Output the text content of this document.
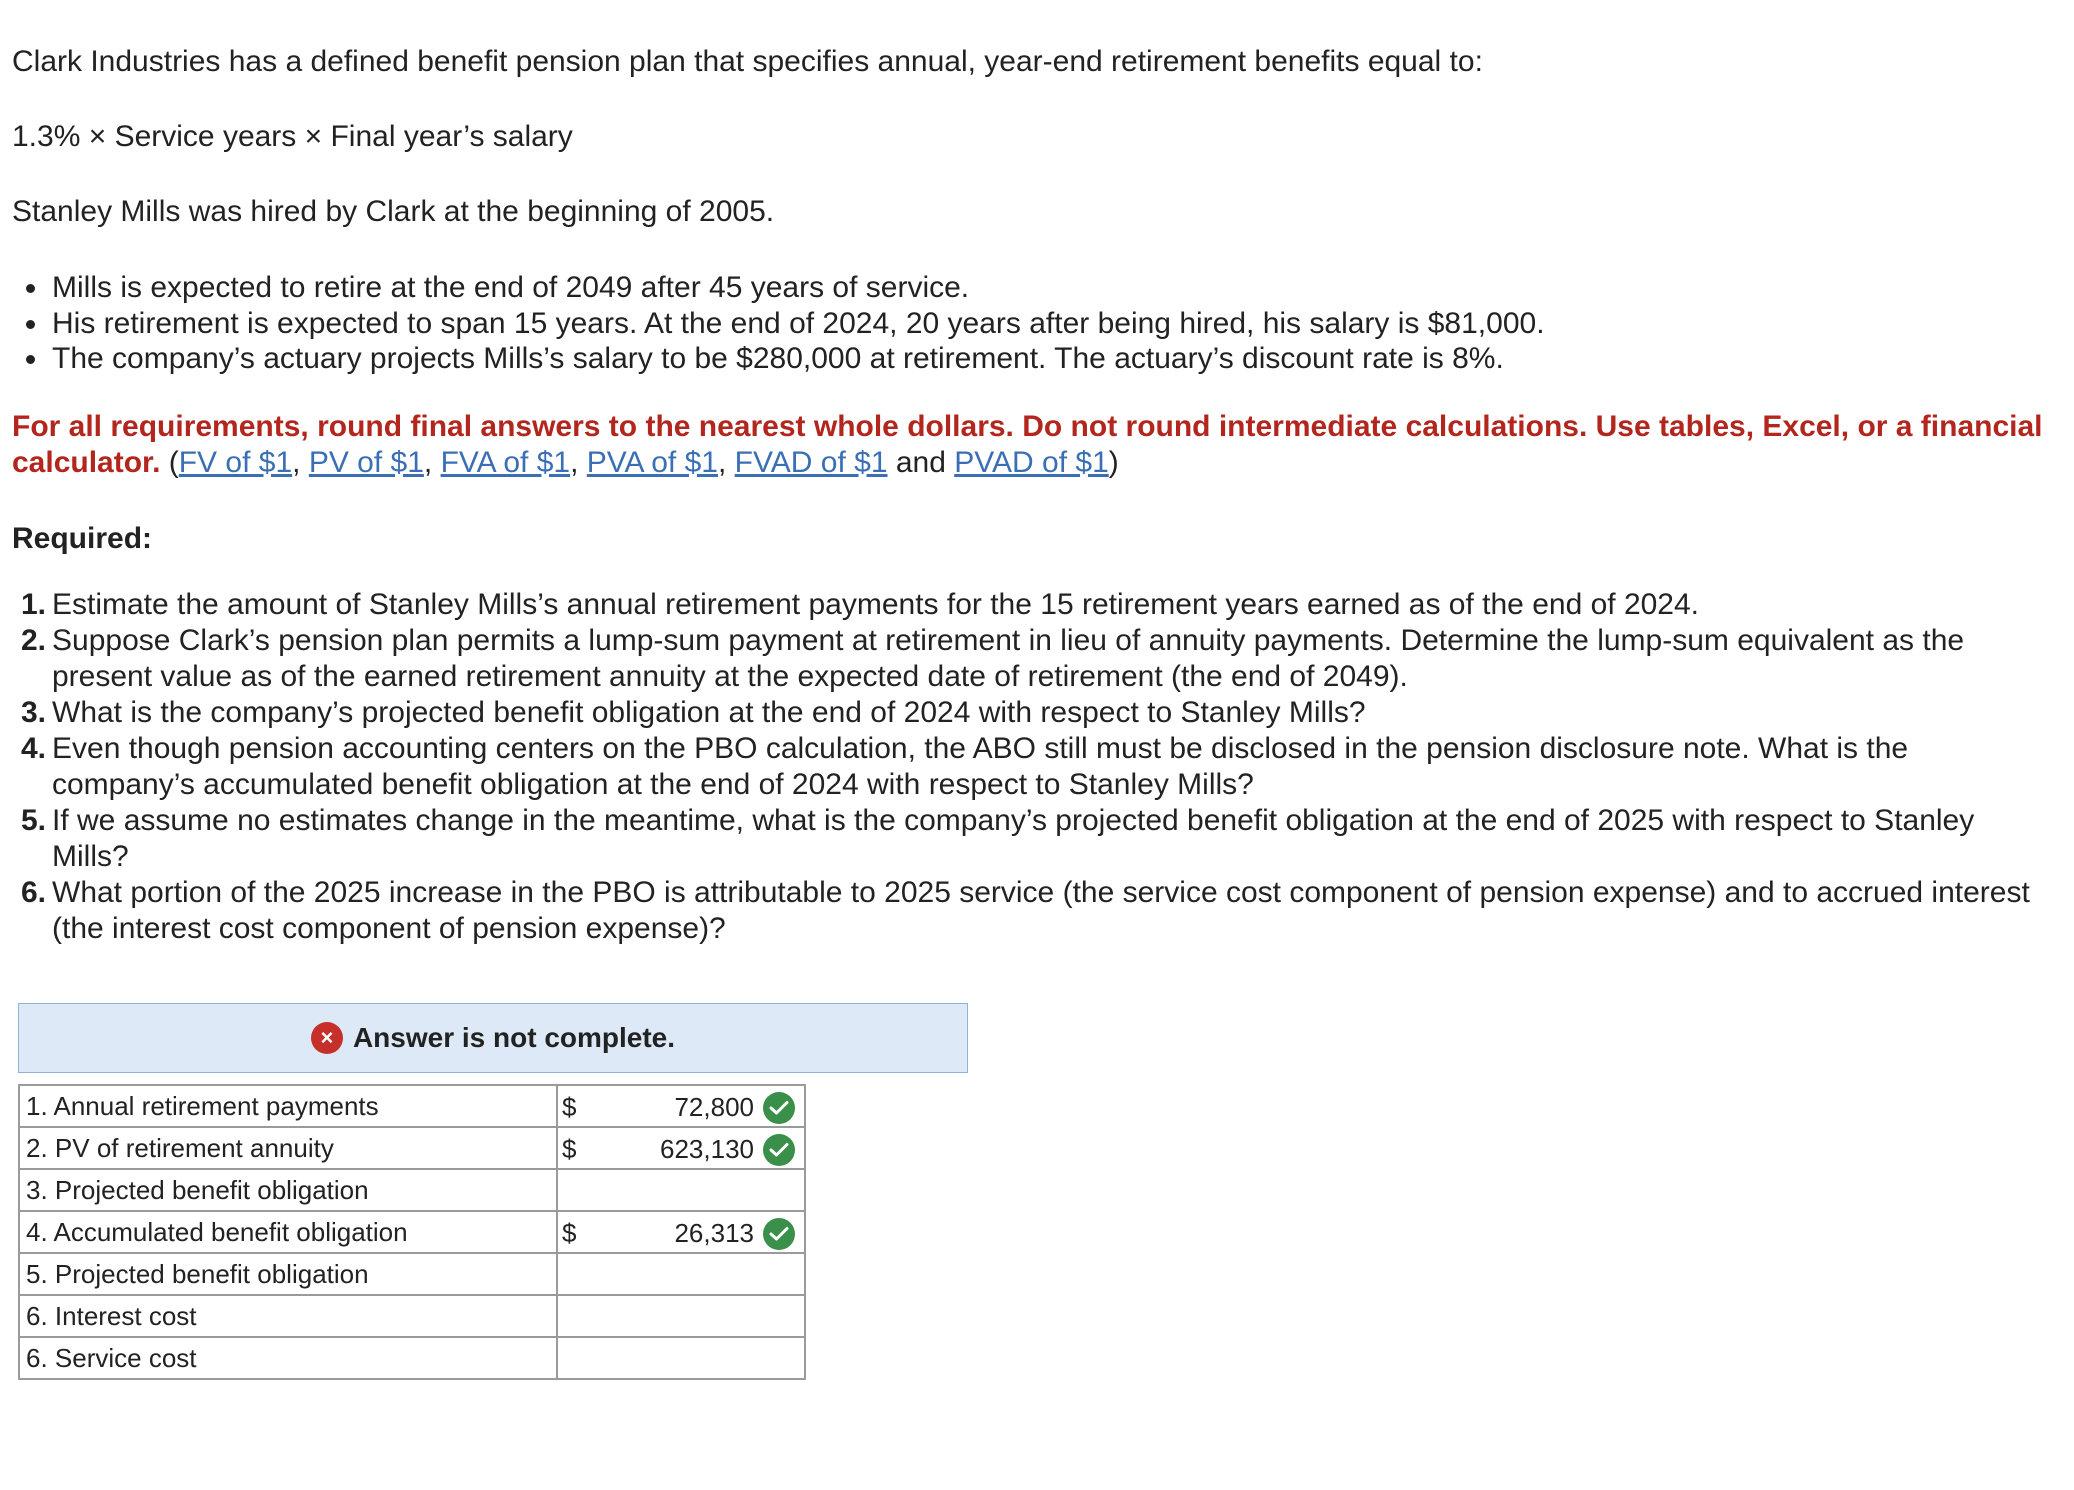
Clark Industries has a defined benefit pension plan that specifies annual, year-end retirement benefits equal to:

1.3% × Service years × Final year’s salary

Stanley Mills was hired by Clark at the beginning of 2005.

Mills is expected to retire at the end of 2049 after 45 years of service.
His retirement is expected to span 15 years. At the end of 2024, 20 years after being hired, his salary is $81,000.
The company’s actuary projects Mills’s salary to be $280,000 at retirement. The actuary’s discount rate is 8%.
For all requirements, round final answers to the nearest whole dollars. Do not round intermediate calculations. Use tables, Excel, or a financial calculator. (FV of $1, PV of $1, FVA of $1, PVA of $1, FVAD of $1 and PVAD of $1)
Required:
1. Estimate the amount of Stanley Mills’s annual retirement payments for the 15 retirement years earned as of the end of 2024.
2. Suppose Clark’s pension plan permits a lump-sum payment at retirement in lieu of annuity payments. Determine the lump-sum equivalent as the present value as of the earned retirement annuity at the expected date of retirement (the end of 2049).
3. What is the company’s projected benefit obligation at the end of 2024 with respect to Stanley Mills?
4. Even though pension accounting centers on the PBO calculation, the ABO still must be disclosed in the pension disclosure note. What is the company’s accumulated benefit obligation at the end of 2024 with respect to Stanley Mills?
5. If we assume no estimates change in the meantime, what is the company’s projected benefit obligation at the end of 2025 with respect to Stanley Mills?
6. What portion of the 2025 increase in the PBO is attributable to 2025 service (the service cost component of pension expense) and to accrued interest (the interest cost component of pension expense)?
× Answer is not complete.
1. Annual retirement payments	$ 72,800

2. PV of retirement annuity	$ 623,130

3. Projected benefit obligation	
4. Accumulated benefit obligation	$ 26,313

5. Projected benefit obligation	
6. Interest cost	
6. Service cost	
